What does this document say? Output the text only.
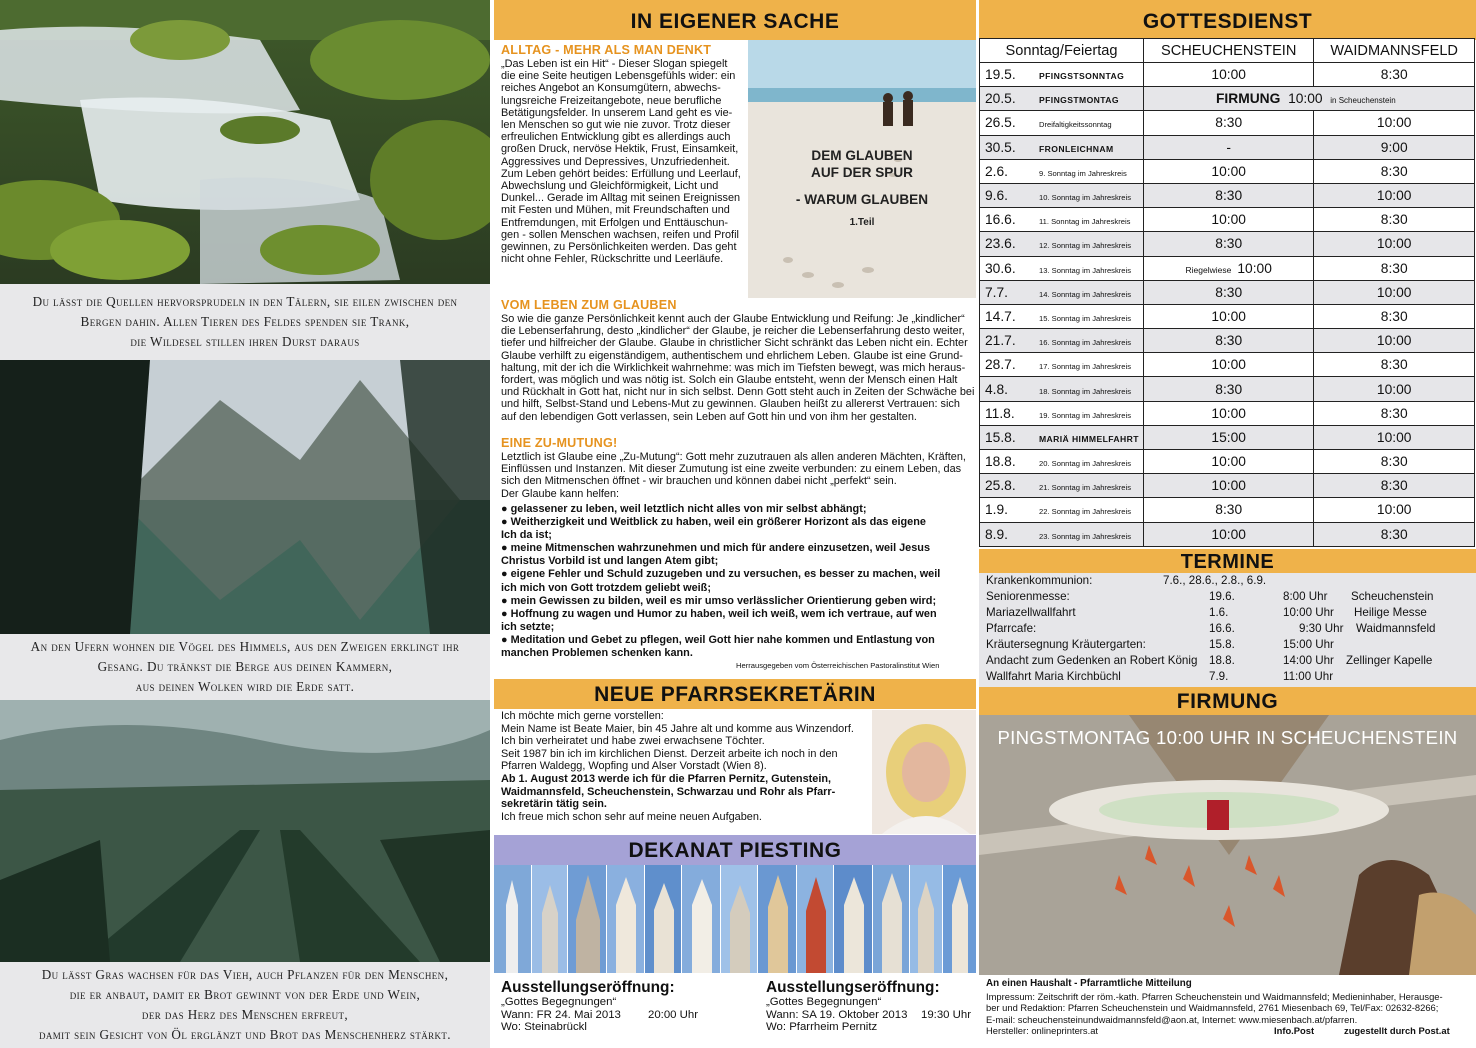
Du lässt die Quellen hervorsprudeln in den Tälern, sie eilen zwischen den
Bergen dahin. Allen Tieren des Feldes spenden sie Trank,
die Wildesel stillen ihren Durst daraus
An den Ufern wohnen die Vögel des Himmels, aus den Zweigen erklingt ihr
Gesang. Du tränkst die Berge aus deinen Kammern,
aus deinen Wolken wird die Erde satt.
Du lässt Gras wachsen für das Vieh, auch Pflanzen für den Menschen,
die er anbaut, damit er Brot gewinnt von der Erde und Wein,
der das Herz des Menschen erfreut,
damit sein Gesicht von Öl erglänzt und Brot das Menschenherz stärkt.
IN EIGENER SACHE
ALLTAG - MEHR ALS MAN DENKT

„Das Leben ist ein Hit“ - Dieser Slogan spiegelt

die eine Seite heutigen Lebensgefühls wider: ein

reiches Angebot an Konsumgütern, abwechs-

lungsreiche Freizeitangebote, neue berufliche

Betätigungsfelder. In unserem Land geht es vie-

len Menschen so gut wie nie zuvor. Trotz dieser

erfreulichen Entwicklung gibt es allerdings auch

großen Druck, nervöse Hektik, Frust, Einsamkeit,

Aggressives und Depressives, Unzufriedenheit.

Zum Leben gehört beides: Erfüllung und Leerlauf,

Abwechslung und Gleichförmigkeit, Licht und

Dunkel... Gerade im Alltag mit seinen Ereignissen

mit Festen und Mühen, mit Freundschaften und

Entfremdungen, mit Erfolgen und Enttäuschun-

gen - sollen Menschen wachsen, reifen und Profil

gewinnen, zu Persönlichkeiten werden. Das geht

nicht ohne Fehler, Rückschritte und Leerläufe.

DEM GLAUBEN
AUF DER SPUR
- WARUM GLAUBEN
1.Teil
VOM LEBEN ZUM GLAUBEN

So wie die ganze Persönlichkeit kennt auch der Glaube Entwicklung und Reifung: Je „kindlicher“

die Lebenserfahrung, desto „kindlicher“ der Glaube, je reicher die Lebenserfahrung desto weiter,

tiefer und hilfreicher der Glaube. Glaube in christlicher Sicht schränkt das Leben nicht ein. Echter

Glaube verhilft zu eigenständigem, authentischem und ehrlichem Leben. Glaube ist eine Grund-

haltung, mit der ich die Wirklichkeit wahrnehme: was mich im Tiefsten bewegt, was mich heraus-

fordert, was möglich und was nötig ist. Solch ein Glaube entsteht, wenn der Mensch einen Halt

und Rückhalt in Gott hat, nicht nur in sich selbst. Denn Gott steht auch in Zeiten der Schwäche bei

und hilft, Selbst-Stand und Lebens-Mut zu gewinnen. Glauben heißt zu allererst Vertrauen: sich

auf den lebendigen Gott verlassen, sein Leben auf Gott hin und von ihm her gestalten.

EINE ZU-MUTUNG!

Letztlich ist Glaube eine „Zu-Mutung“: Gott mehr zuzutrauen als allen anderen Mächten, Kräften,

Einflüssen und Instanzen. Mit dieser Zumutung ist eine zweite verbunden: zu einem Leben, das

sich den Mitmenschen öffnet - wir brauchen und können dabei nicht „perfekt“ sein.

Der Glaube kann helfen:

● gelassener zu leben, weil letztlich nicht alles von mir selbst abhängt;

● Weitherzigkeit und Weitblick zu haben, weil ein größerer Horizont als das eigene

Ich da ist;

● meine Mitmenschen wahrzunehmen und mich für andere einzusetzen, weil Jesus

Christus Vorbild ist und langen Atem gibt;

● eigene Fehler und Schuld zuzugeben und zu versuchen, es besser zu machen, weil

ich mich von Gott trotzdem geliebt weiß;

● mein Gewissen zu bilden, weil es mir umso verlässlicher Orientierung geben wird;

● Hoffnung zu wagen und Humor zu haben, weil ich weiß, wem ich vertraue, auf wen

ich setzte;

● Meditation und Gebet zu pflegen, weil Gott hier nahe kommen und Entlastung von

manchen Problemen schenken kann.

Herrausgegeben vom Österreichischen Pastoralinstitut Wien
NEUE PFARRSEKRETÄRIN

Ich möchte mich gerne vorstellen:

Mein Name ist Beate Maier, bin 45 Jahre alt und komme aus Winzendorf.

Ich bin verheiratet und habe zwei erwachsene Töchter.

Seit 1987 bin ich im kirchlichen Dienst. Derzeit arbeite ich noch in den

Pfarren Waldegg, Wopfing und Alser Vorstadt (Wien 8).

Ab 1. August 2013 werde ich für die Pfarren Pernitz, Gutenstein,

Waidmannsfeld, Scheuchenstein, Schwarzau und Rohr als Pfarr-

sekretärin tätig sein.

Ich freue mich schon sehr auf meine neuen Aufgaben.

DEKANAT PIESTING
Ausstellungseröffnung:
„Gottes Begegnungen“
Wann: FR 24. Mai 2013 20:00 Uhr
Wo: Steinabrückl
Ausstellungseröffnung:
„Gottes Begegnungen“
Wann: SA 19. Oktober 2013 19:30 Uhr
Wo: Pfarrheim Pernitz
GOTTESDIENST
Sonntag/Feiertag	SCHEUCHENSTEIN	WAIDMANNSFELD
19.5. PFINGSTSONNTAG	10:00	8:30
20.5. PFINGSTMONTAG	FIRMUNG 10:00 in Scheuchenstein	
26.5. Dreifaltigkeitssonntag	8:30	10:00
30.5. FRONLEICHNAM	-	9:00
2.6. 9. Sonntag im Jahreskreis	10:00	8:30
9.6. 10. Sonntag im Jahreskreis	8:30	10:00
16.6. 11. Sonntag im Jahreskreis	10:00	8:30
23.6. 12. Sonntag im Jahreskreis	8:30	10:00
30.6. 13. Sonntag im Jahreskreis	Riegelwiese 10:00	8:30
7.7. 14. Sonntag im Jahreskreis	8:30	10:00
14.7. 15. Sonntag im Jahreskreis	10:00	8:30
21.7. 16. Sonntag im Jahreskreis	8:30	10:00
28.7. 17. Sonntag im Jahreskreis	10:00	8:30
4.8. 18. Sonntag im Jahreskreis	8:30	10:00
11.8. 19. Sonntag im Jahreskreis	10:00	8:30
15.8. MARIÄ HIMMELFAHRT	15:00	10:00
18.8. 20. Sonntag im Jahreskreis	10:00	8:30
25.8. 21. Sonntag im Jahreskreis	10:00	8:30
1.9. 22. Sonntag im Jahreskreis	8:30	10:00
8.9. 23. Sonntag im Jahreskreis	10:00	8:30
TERMINE
Krankenkommunion:	7.6., 28.6., 2.8., 6.9.
Seniorenmesse:	19.6.	8:00 Uhr Scheuchenstein
Mariazellwallfahrt	1.6.	10:00 Uhr Heilige Messe
Pfarrcafe:	16.6.	9:30 Uhr Waidmannsfeld
Kräutersegnung Kräutergarten:	15.8.	15:00 Uhr
Andacht zum Gedenken an Robert König 18.8.	14:00 Uhr Zellinger Kapelle
Wallfahrt Maria Kirchbüchl	7.9.	11:00 Uhr
FIRMUNG
PINGSTMONTAG 10:00 UHR IN SCHEUCHENSTEIN
An einen Haushalt - Pfarramtliche Mitteilung
Impressum: Zeitschrift der röm.-kath. Pfarren Scheuchenstein und Waidmannsfeld; Medieninhaber, Herausge-
ber und Redaktion: Pfarren Scheuchenstein und Waidmannsfeld, 2761 Miesenbach 69, Tel/Fax: 02632-8266;
E-mail: scheuchensteinundwaidmannsfeld@aon.at, Internet: www.miesenbach.at/pfarren.
Hersteller: onlineprinters.at	Info.Post	zugestellt durch Post.at
